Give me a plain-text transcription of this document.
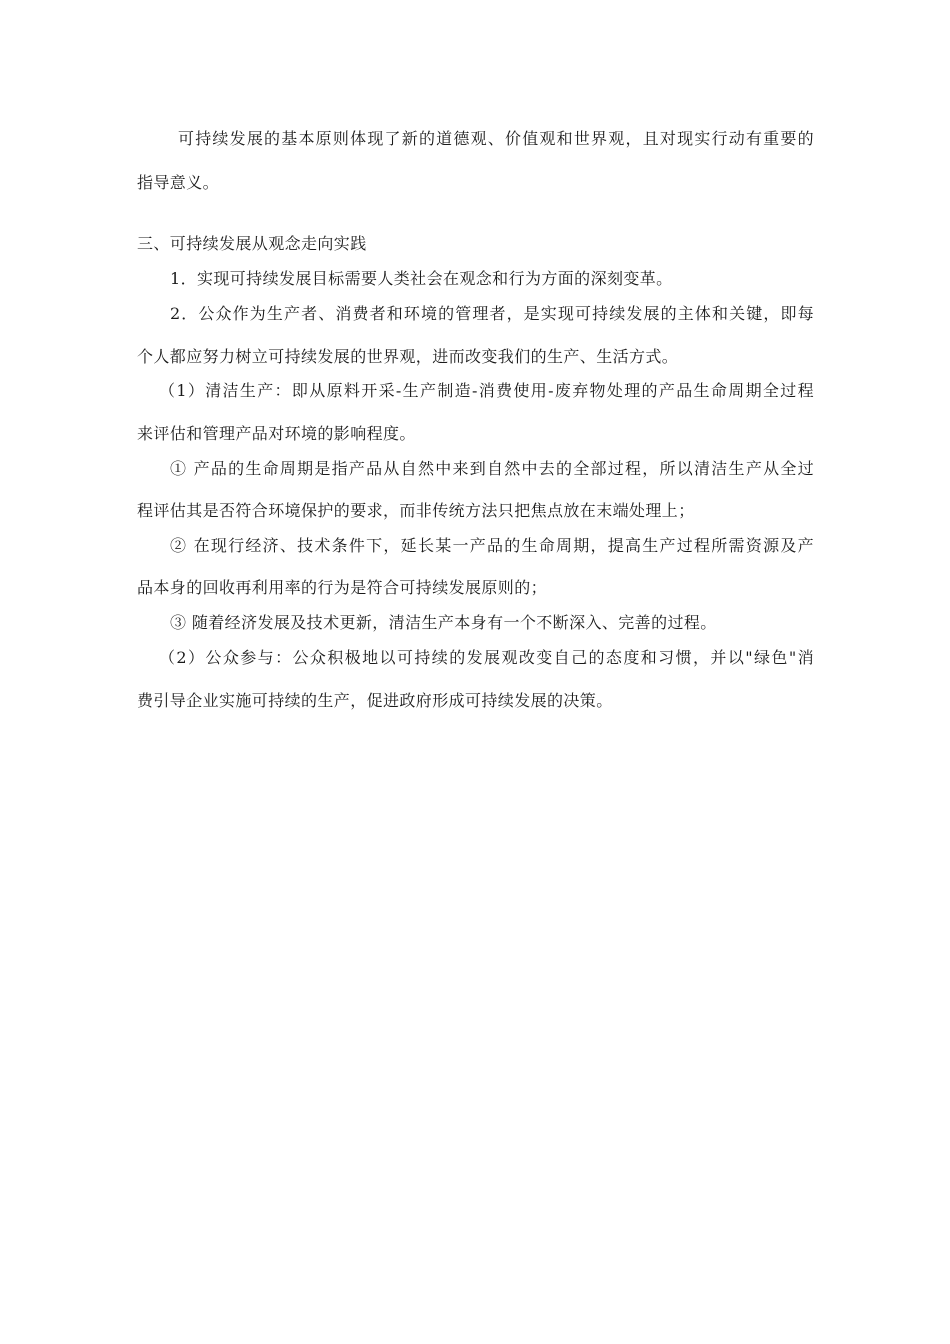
可持续发展的基本原则体现了新的道德观、价值观和世界观，且对现实行动有重要的
指导意义。
三、可持续发展从观念走向实践
1．实现可持续发展目标需要人类社会在观念和行为方面的深刻变革。
2．公众作为生产者、消费者和环境的管理者，是实现可持续发展的主体和关键，即每
个人都应努力树立可持续发展的世界观，进而改变我们的生产、生活方式。
（1）清洁生产：即从原料开采-生产制造-消费使用-废弃物处理的产品生命周期全过程
来评估和管理产品对环境的影响程度。
① 产品的生命周期是指产品从自然中来到自然中去的全部过程，所以清洁生产从全过
程评估其是否符合环境保护的要求，而非传统方法只把焦点放在末端处理上；
② 在现行经济、技术条件下，延长某一产品的生命周期，提高生产过程所需资源及产
品本身的回收再利用率的行为是符合可持续发展原则的；
③ 随着经济发展及技术更新，清洁生产本身有一个不断深入、完善的过程。
（2）公众参与：公众积极地以可持续的发展观改变自己的态度和习惯，并以"绿色"消
费引导企业实施可持续的生产，促进政府形成可持续发展的决策。
